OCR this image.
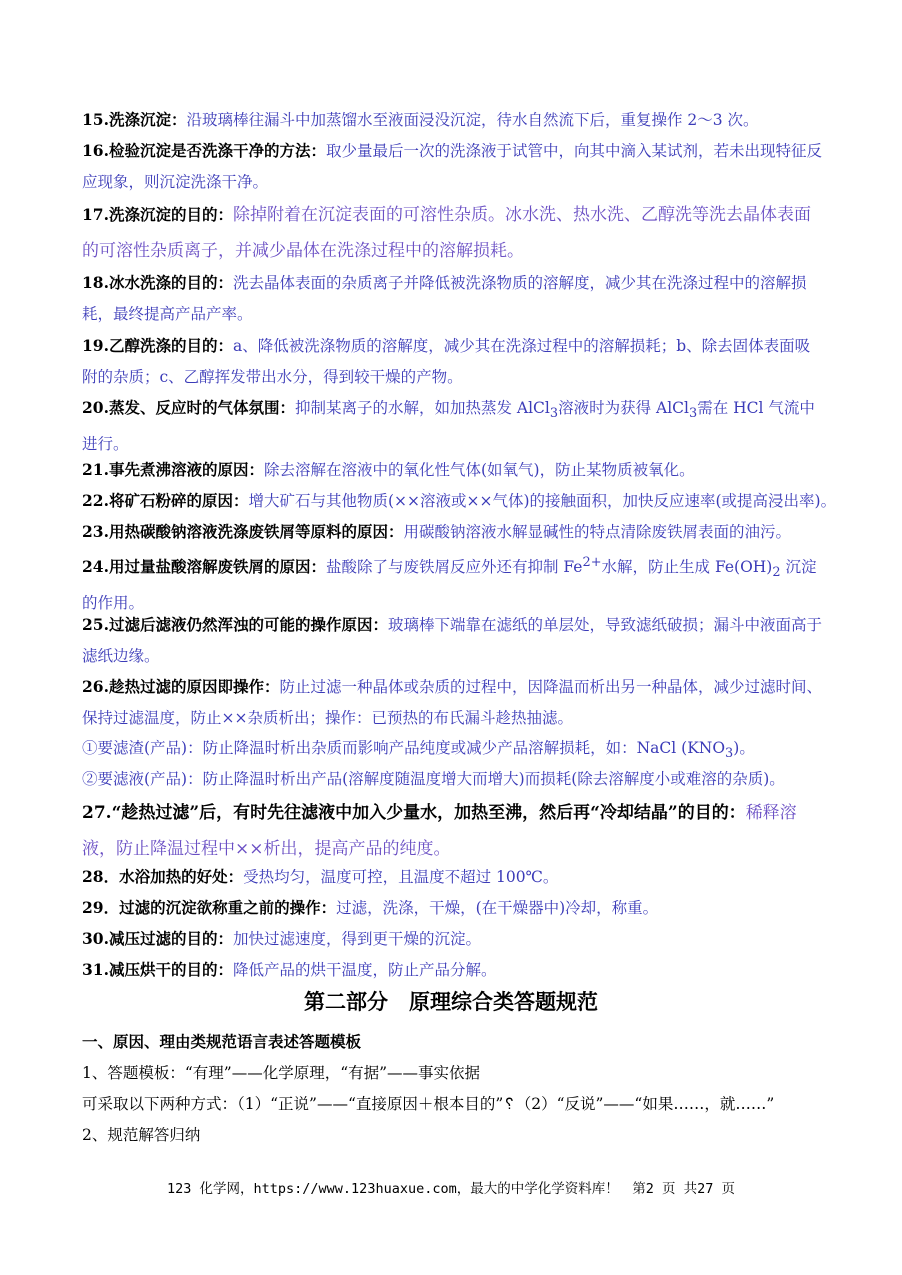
15.洗涤沉淀：沿玻璃棒往漏斗中加蒸馏水至液面浸没沉淀，待水自然流下后，重复操作 2～3 次。

16.检验沉淀是否洗涤干净的方法：取少量最后一次的洗涤液于试管中，向其中滴入某试剂，若未出现特征反应现象，则沉淀洗涤干净。

17.洗涤沉淀的目的：除掉附着在沉淀表面的可溶性杂质。冰水洗、热水洗、乙醇洗等洗去晶体表面的可溶性杂质离子，并减少晶体在洗涤过程中的溶解损耗。

18.冰水洗涤的目的：洗去晶体表面的杂质离子并降低被洗涤物质的溶解度，减少其在洗涤过程中的溶解损耗，最终提高产品产率。

19.乙醇洗涤的目的：a、降低被洗涤物质的溶解度，减少其在洗涤过程中的溶解损耗；b、除去固体表面吸附的杂质；c、乙醇挥发带出水分，得到较干燥的产物。

20.蒸发、反应时的气体氛围：抑制某离子的水解，如加热蒸发 AlCl$_3$溶液时为获得 AlCl$_3$需在 HCl 气流中进行。

21.事先煮沸溶液的原因：除去溶解在溶液中的氧化性气体(如氧气)，防止某物质被氧化。

22.将矿石粉碎的原因：增大矿石与其他物质(××溶液或××气体)的接触面积，加快反应速率(或提高浸出率)。

23.用热碳酸钠溶液洗涤废铁屑等原料的原因：用碳酸钠溶液水解显碱性的特点清除废铁屑表面的油污。

24.用过量盐酸溶解废铁屑的原因：盐酸除了与废铁屑反应外还有抑制 $Fe^{2+}$水解，防止生成 $Fe(OH)_2$ 沉淀的作用。

25.过滤后滤液仍然浑浊的可能的操作原因：玻璃棒下端靠在滤纸的单层处，导致滤纸破损；漏斗中液面高于滤纸边缘。

26.趁热过滤的原因即操作：防止过滤一种晶体或杂质的过程中，因降温而析出另一种晶体，减少过滤时间、保持过滤温度，防止××杂质析出；操作：已预热的布氏漏斗趁热抽滤。

①要滤渣(产品)：防止降温时析出杂质而影响产品纯度或减少产品溶解损耗，如：NaCl $(KNO_3)$。

②要滤液(产品)：防止降温时析出产品(溶解度随温度增大而增大)而损耗(除去溶解度小或难溶的杂质)。

27.“趁热过滤”后，有时先往滤液中加入少量水，加热至沸，然后再“冷却结晶”的目的：稀释溶液，防止降温过程中××析出，提高产品的纯度。

28．水浴加热的好处：受热均匀，温度可控，且温度不超过 100℃。

29．过滤的沉淀欲称重之前的操作：过滤，洗涤，干燥，(在干燥器中)冷却，称重。

30.减压过滤的目的：加快过滤速度，得到更干燥的沉淀。

31.减压烘干的目的：降低产品的烘干温度，防止产品分解。

第二部分　原理综合类答题规范

一、原因、理由类规范语言表述答题模板

1、答题模板：“有理”——化学原理，“有据”——事实依据

可采取以下两种方式：（1）“正说”——“直接原因＋根本目的”␦（2）“反说”——“如果……，就……”

2、规范解答归纳

123 化学网，https://www.123huaxue.com，最大的中学化学资料库！　第2 页 共27 页
